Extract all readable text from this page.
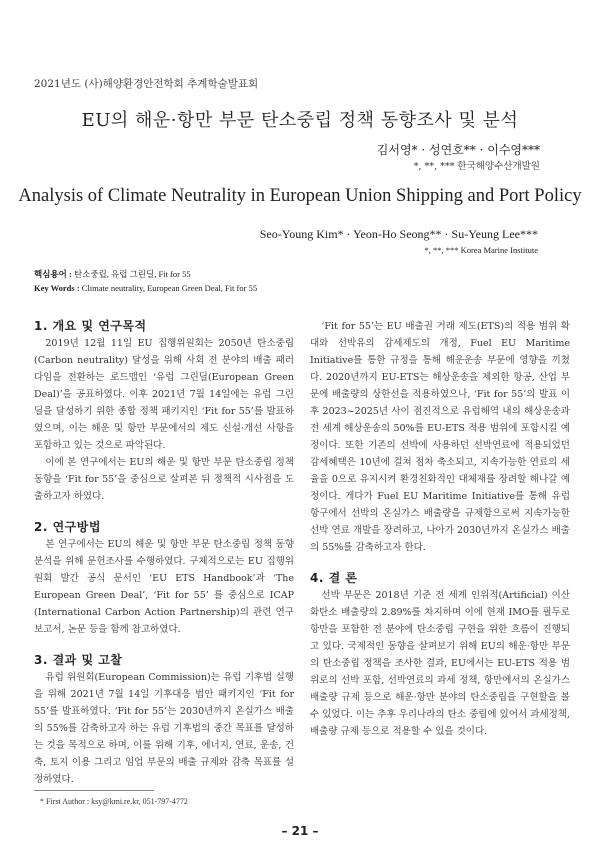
2021년도 (사)해양환경안전학회 추계학술발표회
EU의 해운·항만 부문 탄소중립 정책 동향조사 및 분석
김서영* · 성연호** · 이수영***
*, **, *** 한국해양수산개발원
Analysis of Climate Neutrality in European Union Shipping and Port Policy
Seo-Young Kim* · Yeon-Ho Seong** · Su-Yeung Lee***
*, **, *** Korea Marine Institute
핵심용어 : 탄소중립, 유럽 그린딜, Fit for 55
Key Words : Climate neutrality, European Green Deal, Fit for 55
1. 개요 및 연구목적

2019년 12월 11일 EU 집행위원회는 2050년 탄소중립(Carbon neutrality) 달성을 위해 사회 전 분야의 배출 패러다임을 전환하는 로드맵인 ‘유럽 그린딜(European Green Deal)’을 공표하였다. 이후 2021년 7월 14일에는 유럽 그린딜을 달성하기 위한 종합 정책 패키지인 ‘Fit for 55’를 발표하였으며, 이는 해운 및 항만 부문에서의 제도 신설·개선 사항을 포함하고 있는 것으로 파악된다.

이에 본 연구에서는 EU의 해운 및 항만 부문 탄소중립 정책 동향을 ‘Fit for 55’을 중심으로 살펴본 뒤 정책적 시사점을 도출하고자 하였다.

2. 연구방법

본 연구에서는 EU의 해운 및 항만 부문 탄소중립 정책 동향 분석을 위해 문헌조사를 수행하였다. 구체적으로는 EU 집행위원회 발간 공식 문서인 ‘EU ETS Handbook’과 ‘The European Green Deal’, ‘Fit for 55’ 를 중심으로 ICAP (International Carbon Action Partnership)의 관련 연구 보고서, 논문 등을 함께 참고하였다.

3. 결과 및 고찰

유럽 위원회(European Commission)는 유럽 기후법 실행을 위해 2021년 7월 14일 기후대응 법안 패키지인 ‘Fit for 55’를 발표하였다. ‘Fit for 55’는 2030년까지 온실가스 배출의 55%를 감축하고자 하는 유럽 기후법의 중간 목표를 달성하는 것을 목적으로 하며, 이를 위해 기후, 에너지, 연료, 운송, 건축, 토지 이용 그리고 임업 부문의 배출 규제와 감축 목표를 설정하였다.

‘Fit for 55’는 EU 배출권 거래 제도(ETS)의 적용 범위 확대와 선박유의 감세제도의 개정, Fuel EU Maritime Initiative를 통한 규정을 통해 해운운송 부문에 영향을 끼쳤다. 2020년까지 EU-ETS는 해상운송을 제외한 항공, 산업 부문에 배출량의 상한선을 적용하였으나, ‘Fit for 55’의 발표 이후 2023~2025년 사이 점진적으로 유럽해역 내의 해상운송과 전 세계 해상운송의 50%를 EU-ETS 적용 범위에 포함시킬 예정이다. 또한 기존의 선박에 사용하던 선박연료에 적용되었던 감세혜택은 10년에 걸쳐 점차 축소되고, 지속가능한 연료의 세율을 0으로 유지시켜 환경친화적인 대체재를 장려할 해나갈 예정이다. 게다가 Fuel EU Maritime Initiative를 통해 유럽 항구에서 선박의 온실가스 배출량을 규제함으로써 지속가능한 선박 연료 개발을 장려하고, 나아가 2030년까지 온실가스 배출의 55%를 감축하고자 한다.

4. 결 론

선박 부문은 2018년 기준 전 세계 인위적(Artificial) 이산화탄소 배출량의 2.89%를 차지하며 이에 현재 IMO를 필두로 항만을 포함한 전 분야에 탄소중립 구현을 위한 흐름이 진행되고 있다. 국제적인 동향을 살펴보기 위해 EU의 해운·항만 부문의 탄소중립 정책을 조사한 결과, EU에서는 EU-ETS 적용 범위로의 선박 포함, 선박연료의 과세 정책, 항만에서의 온실가스 배출량 규제 등으로 해운·항만 분야의 탄소중립을 구현할을 볼 수 있었다. 이는 추후 우리나라의 탄소 중립에 있어서 과세정책, 배출량 규제 등으로 적용할 수 있을 것이다.

* First Author : ksy@kmi.re.kr, 051-797-4772
– 21 –
